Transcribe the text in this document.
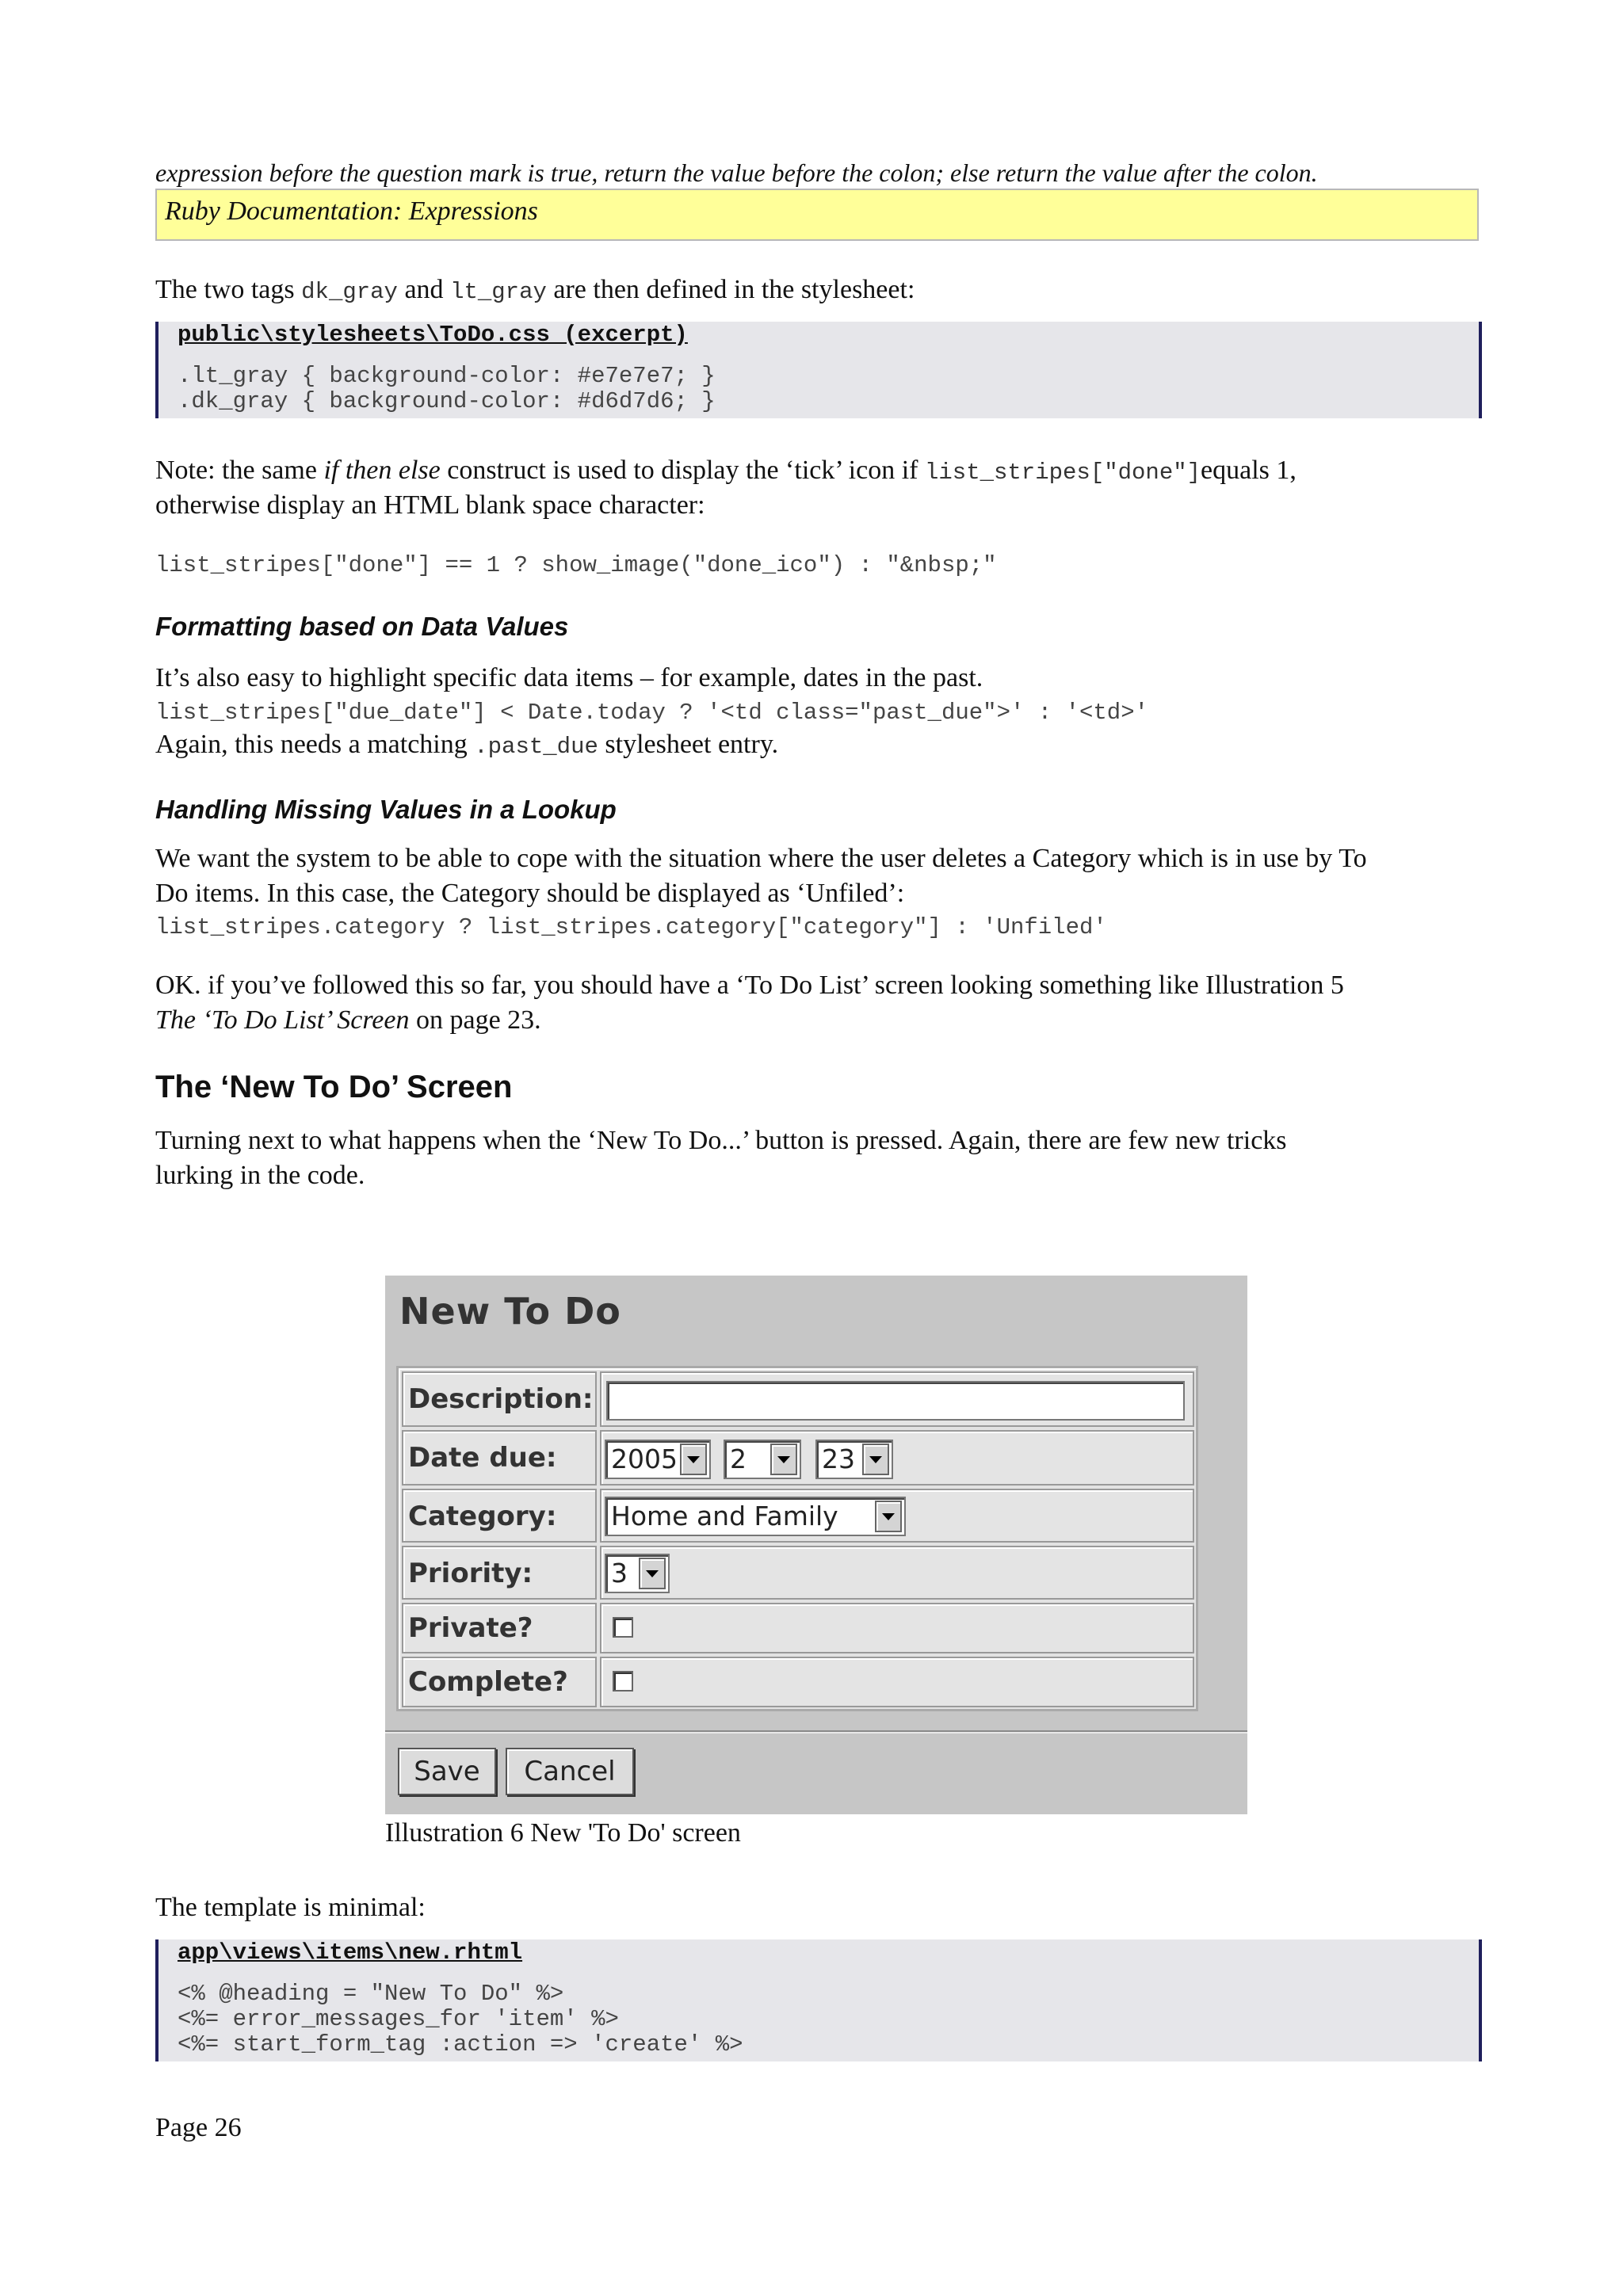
expression before the question mark is true, return the value before the colon; else return the value after the colon.
Ruby Documentation: Expressions
The two tags dk_gray and lt_gray are then defined in the stylesheet:
public\stylesheets\ToDo.css (excerpt)
.lt_gray { background-color: #e7e7e7; }
.dk_gray { background-color: #d6d7d6; }
Note: the same if then else construct is used to display the ‘tick’ icon if list_stripes["done"]equals 1,
otherwise display an HTML blank space character:
list_stripes["done"] == 1 ? show_image("done_ico") : "&nbsp;"
Formatting based on Data Values
It’s also easy to highlight specific data items – for example, dates in the past.
list_stripes["due_date"] < Date.today ? '<td class="past_due">' : '<td>'
Again, this needs a matching .past_due stylesheet entry.
Handling Missing Values in a Lookup
We want the system to be able to cope with the situation where the user deletes a Category which is in use by To
Do items. In this case, the Category should be displayed as ‘Unfiled’:
list_stripes.category ? list_stripes.category["category"] : 'Unfiled'
OK. if you’ve followed this so far, you should have a ‘To Do List’ screen looking something like Illustration 5
The ‘To Do List’ Screen on page 23.
The ‘New To Do’ Screen
Turning next to what happens when the ‘New To Do...’ button is pressed. Again, there are few new tricks
lurking in the code.
New To Do
Description:
Date due:	2005	2	23
Category:	Home and Family
Priority:	3
Private?
Complete?
Save	Cancel
Illustration 6 New 'To Do' screen
The template is minimal:
app\views\items\new.rhtml
<% @heading = "New To Do" %>
<%= error_messages_for 'item' %>
<%= start_form_tag :action => 'create' %>
Page 26
